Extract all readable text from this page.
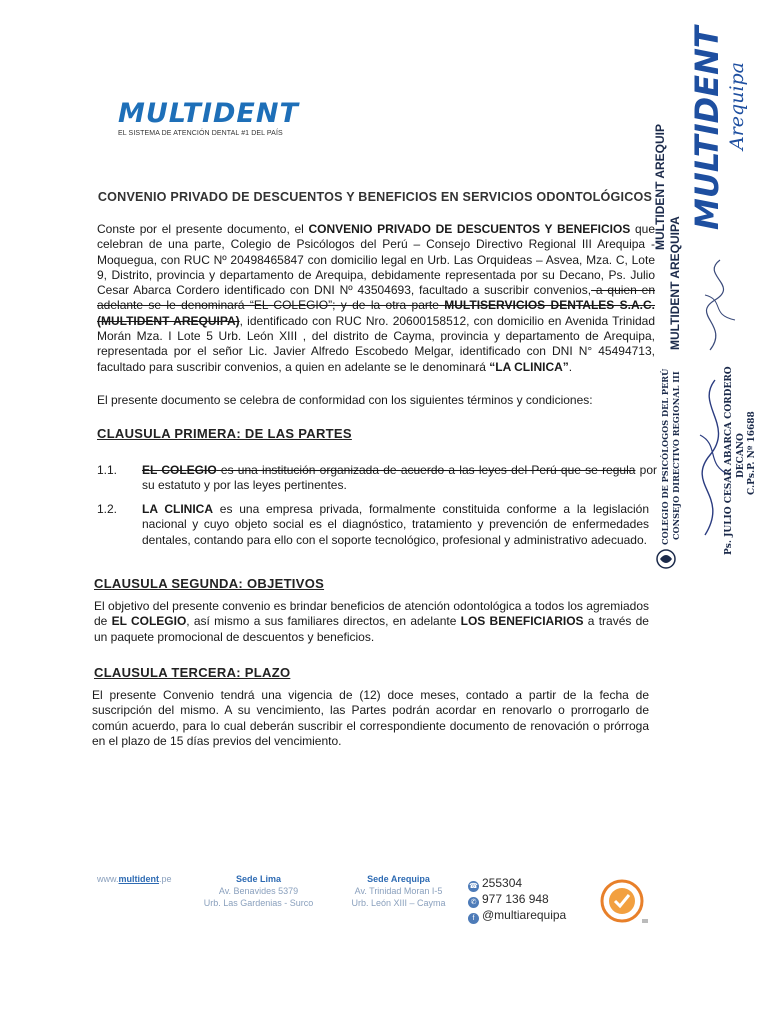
MULTIDENT
EL SISTEMA DE ATENCIÓN DENTAL #1 DEL PAÍS
CONVENIO PRIVADO DE DESCUENTOS Y BENEFICIOS EN SERVICIOS ODONTOLÓGICOS
Conste por el presente documento, el CONVENIO PRIVADO DE DESCUENTOS Y BENEFICIOS que celebran de una parte, Colegio de Psicólogos del Perú – Consejo Directivo Regional III Arequipa - Moquegua, con RUC Nº 20498465847 con domicilio legal en Urb. Las Orquideas – Asvea, Mza. C, Lote 9, Distrito, provincia y departamento de Arequipa, debidamente representada por su Decano, Ps. Julio Cesar Abarca Cordero identificado con DNI Nº 43504693, facultado a suscribir convenios, a quien en adelante se le denominará “EL COLEGIO”; y de la otra parte MULTISERVICIOS DENTALES S.A.C. (MULTIDENT AREQUIPA), identificado con RUC Nro. 20600158512, con domicilio en Avenida Trinidad Morán Mza. I Lote 5 Urb. León XIII , del distrito de Cayma, provincia y departamento de Arequipa, representada por el señor Lic. Javier Alfredo Escobedo Melgar, identificado con DNI N° 45494713, facultado para suscribir convenios, a quien en adelante se le denominará “LA CLINICA”.
El presente documento se celebra de conformidad con los siguientes términos y condiciones:
CLAUSULA PRIMERA: DE LAS PARTES
1.1. EL COLEGIO es una institución organizada de acuerdo a las leyes del Perú que se regula por su estatuto y por las leyes pertinentes.
1.2. LA CLINICA es una empresa privada, formalmente constituida conforme a la legislación nacional y cuyo objeto social es el diagnóstico, tratamiento y prevención de enfermedades dentales, contando para ello con el soporte tecnológico, profesional y administrativo adecuado.
CLAUSULA SEGUNDA: OBJETIVOS
El objetivo del presente convenio es brindar beneficios de atención odontológica a todos los agremiados de EL COLEGIO, así mismo a sus familiares directos, en adelante LOS BENEFICIARIOS a través de un paquete promocional de descuentos y beneficios.
CLAUSULA TERCERA: PLAZO
El presente Convenio tendrá una vigencia de (12) doce meses, contado a partir de la fecha de suscripción del mismo. A su vencimiento, las Partes podrán acordar en renovarlo o prorrogarlo de común acuerdo, para lo cual deberán suscribir el correspondiente documento de renovación o prórroga en el plazo de 15 días previos del vencimiento.
MULTIDENT Arequipa
MULTIDENT AREQUIPA
MULTIDENT AREQUIP
COLEGIO DE PSICÓLOGOS DEL PERÚ CONSEJO DIRECTIVO REGIONAL III	Ps. JULIO CESAR ABARCA CORDERO DECANO C.Ps.P. Nº 16688
www.multident.pe	Sede Lima
Av. Benavides 5379
Urb. Las Gardenias - Surco
Sede Arequipa
Av. Trinidad Moran I-5
Urb. León XIII – Cayma
☎ 255304
✆ 977 136 948
f @multiarequipa
